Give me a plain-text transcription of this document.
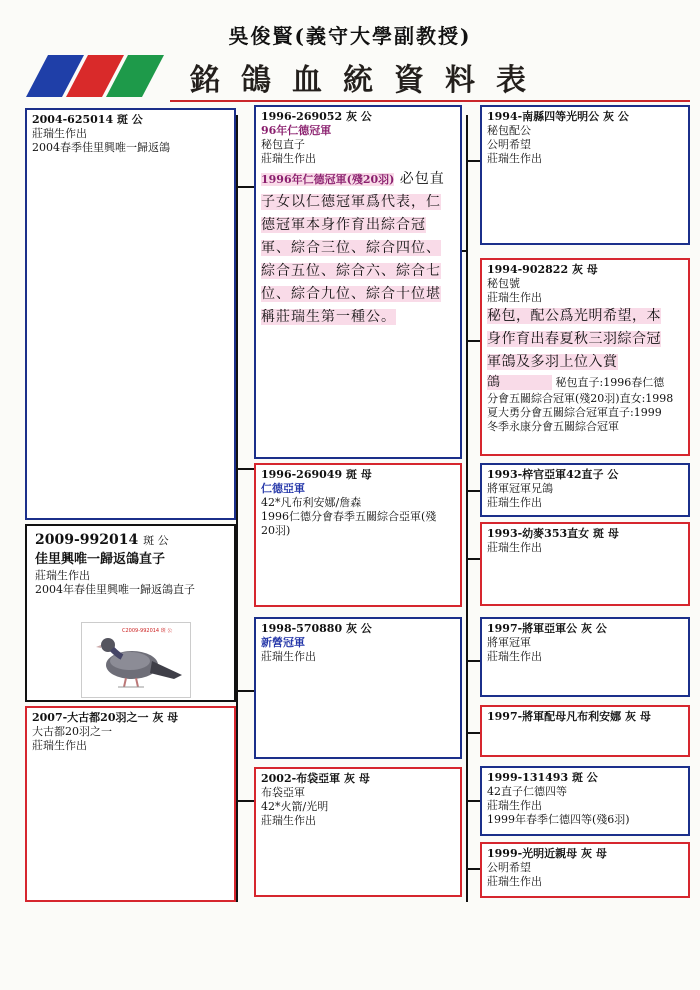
吳俊賢(義守大學副教授)
銘鴿血統資料表
2004-625014 斑 公
莊瑞生作出
2004春季佳里興唯一歸返鴿
2009-992014 斑 公
佳里興唯一歸返鴿直子
莊瑞生作出
2004年春佳里興唯一歸返鴿直子
C2009-992014 斑 公
2007-大古都20羽之一 灰 母
大古都20羽之一
莊瑞生作出
1996-269052 灰 公
96年仁德冠軍
秘包直子
莊瑞生作出
1996年仁德冠軍(殘20羽) 必包直
子女以仁德冠軍爲代表，仁
德冠軍本身作育出綜合冠
軍、綜合三位、綜合四位、
綜合五位、綜合六、綜合七
位、綜合九位、綜合十位堪
稱莊瑞生第一種公。
1996-269049 斑 母
仁德亞軍
42*凡布利安娜/詹森
1996仁德分會春季五關綜合亞軍(殘
20羽)
1998-570880 灰 公
新營冠軍
莊瑞生作出
2002-布袋亞軍 灰 母
布袋亞軍
42*火箭/光明
莊瑞生作出
1994-南縣四等光明公 灰 公
秘包配公
公明希望
莊瑞生作出
1994-902822 灰 母
秘包號
莊瑞生作出
秘包，配公爲光明希望，本
身作育出春夏秋三羽綜合冠
軍鴿及多羽上位入賞
鴿	秘包直子:1996春仁德
分會五關綜合冠軍(殘20羽)直女:1998
夏大勇分會五關綜合冠軍直子:1999
冬季永康分會五關綜合冠軍
1993-梓官亞軍42直子 公
將軍冠軍兄鴿
莊瑞生作出
1993-幼麥353直女 斑 母
莊瑞生作出
1997-將軍亞軍公 灰 公
將軍冠軍
莊瑞生作出
1997-將軍配母凡布利安娜 灰 母
1999-131493 斑 公
42直子仁德四等
莊瑞生作出
1999年春季仁德四等(殘6羽)
1999-光明近親母 灰 母
公明希望
莊瑞生作出
